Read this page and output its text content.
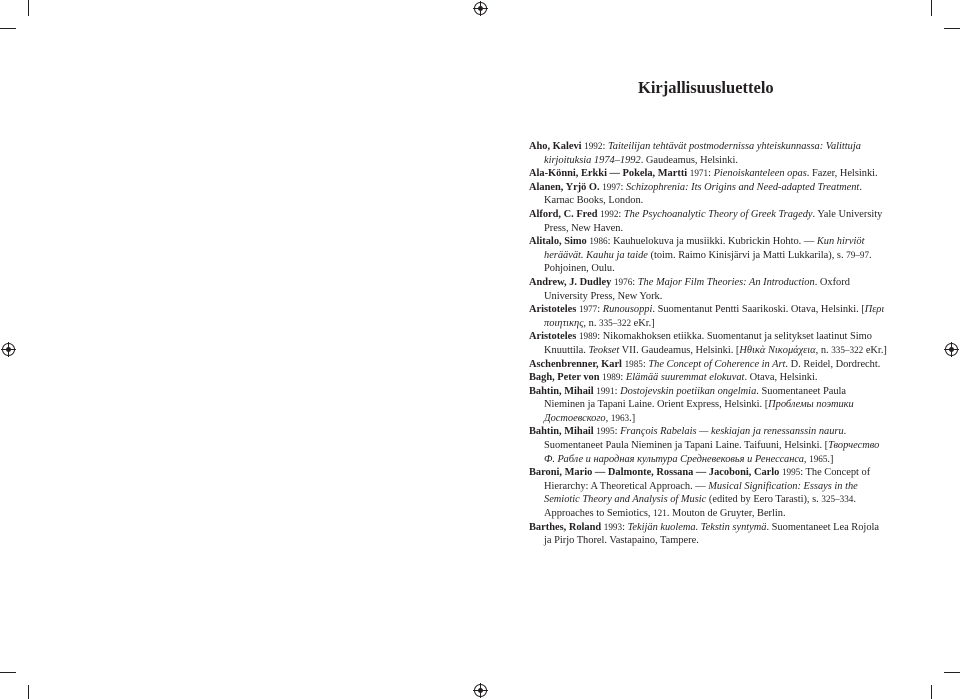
Kirjallisuusluettelo

Aho, Kalevi 1992: Taiteilijan tehtävät postmodernissa yhteiskunnassa: Valittuja kirjoituksia 1974–1992. Gaudeamus, Helsinki.

Ala-Könni, Erkki — Pokela, Martti 1971: Pienoiskanteleen opas. Fazer, Helsinki.

Alanen, Yrjö O. 1997: Schizophrenia: Its Origins and Need-adapted Treatment. Karnac Books, London.

Alford, C. Fred 1992: The Psychoanalytic Theory of Greek Tragedy. Yale University Press, New Haven.

Alitalo, Simo 1986: Kauhuelokuva ja musiikki. Kubrickin Hohto. — Kun hirviöt heräävät. Kauhu ja taide (toim. Raimo Kinisjärvi ja Matti Lukkarila), s. 79–97. Pohjoinen, Oulu.

Andrew, J. Dudley 1976: The Major Film Theories: An Introduction. Oxford University Press, New York.

Aristoteles 1977: Runousoppi. Suomentanut Pentti Saarikoski. Otava, Helsinki. [Περι ποιητικης, n. 335–322 eKr.]

Aristoteles 1989: Nikomakhoksen etiikka. Suomentanut ja selitykset laatinut Simo Knuuttila. Teokset VII. Gaudeamus, Helsinki. [Ηθικὰ Νικομάχεια, n. 335–322 eKr.]

Aschenbrenner, Karl 1985: The Concept of Coherence in Art. D. Reidel, Dordrecht.

Bagh, Peter von 1989: Elämää suuremmat elokuvat. Otava, Helsinki.

Bahtin, Mihail 1991: Dostojevskin poetiikan ongelmia. Suomentaneet Paula Nieminen ja Tapani Laine. Orient Express, Helsinki. [Проблемы поэтики Достоевского, 1963.]

Bahtin, Mihail 1995: François Rabelais — keskiajan ja renessanssin nauru. Suomentaneet Paula Nieminen ja Tapani Laine. Taifuuni, Helsinki. [Творчество Ф. Рабле и народная культура Средневековья и Ренессанса, 1965.]

Baroni, Mario — Dalmonte, Rossana — Jacoboni, Carlo 1995: The Concept of Hierarchy: A Theoretical Approach. — Musical Signification: Essays in the Semiotic Theory and Analysis of Music (edited by Eero Tarasti), s. 325–334. Approaches to Semiotics, 121. Mouton de Gruyter, Berlin.

Barthes, Roland 1993: Tekijän kuolema. Tekstin syntymä. Suomentaneet Lea Rojola ja Pirjo Thorel. Vastapaino, Tampere.
